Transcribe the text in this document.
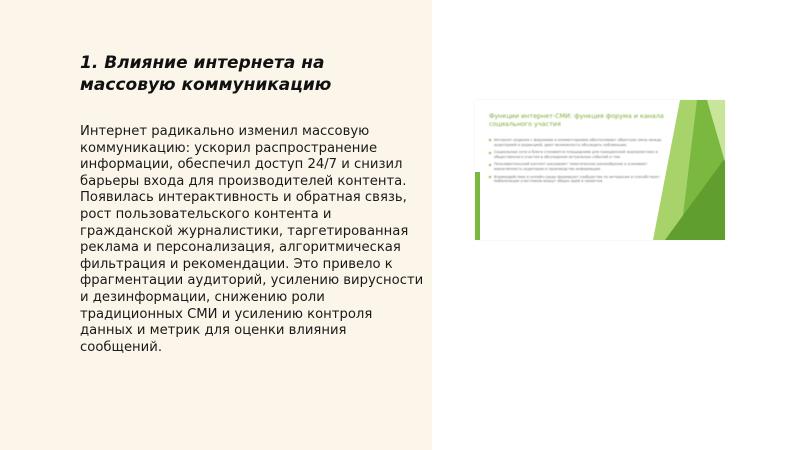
1. Влияние интернета на массовую коммуникацию

Интернет радикально изменил массовую коммуникацию: ускорил распространение информации, обеспечил доступ 24/7 и снизил барьеры входа для производителей контента. Появилась интерактивность и обратная связь, рост пользовательского контента и гражданской журналистики, таргетированная реклама и персонализация, алгоритмическая фильтрация и рекомендации. Это привело к фрагментации аудиторий, усилению вирусности и дезинформации, снижению роли традиционных СМИ и усилению контроля данных и метрик для оценки влияния сообщений.

Функции интернет-СМИ: функция форума и канала социального участия

Интернет-издания с форумами и комментариями обеспечивают обратную связь между аудиторией и редакцией, дают возможность обсуждать публикации.
Социальные сети и блоги становятся площадками для гражданской журналистики и общественного участия в обсуждении актуальных событий и тем.
Пользовательский контент расширяет тематическое разнообразие и усиливает вовлечённость аудитории в производство информации.
Взаимодействие в онлайн-среде формирует сообщества по интересам и способствует мобилизации участников вокруг общих идей и проектов.
